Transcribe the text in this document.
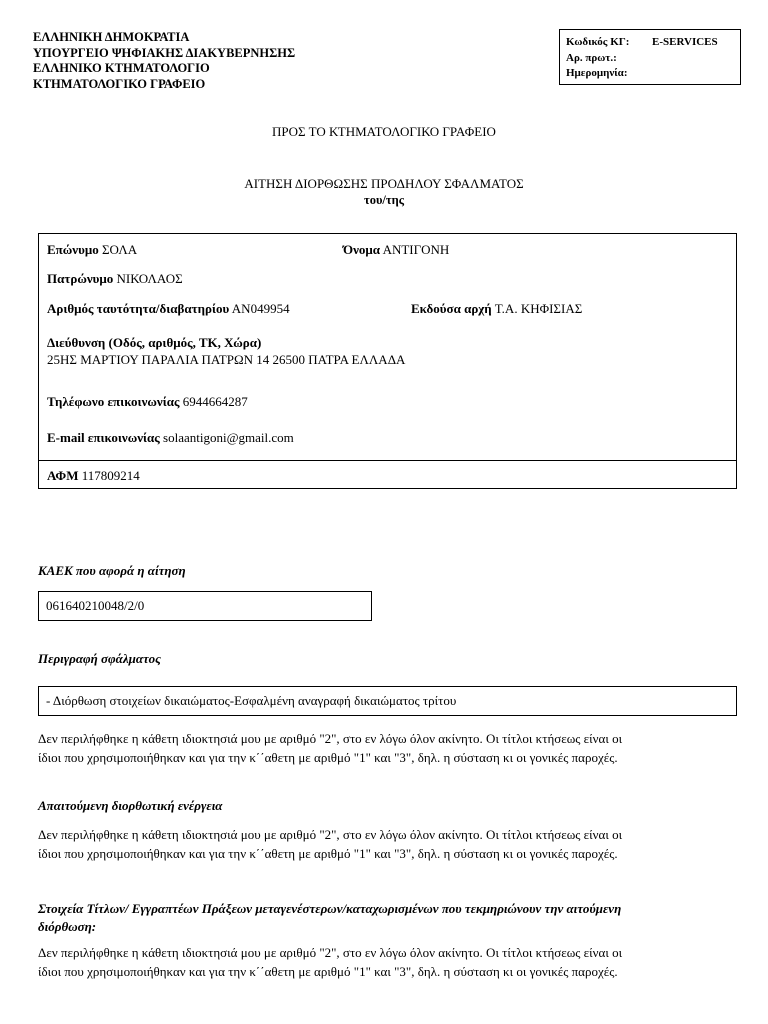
ΕΛΛΗΝΙΚΗ ΔΗΜΟΚΡΑΤΙΑ
ΥΠΟΥΡΓΕΙΟ ΨΗΦΙΑΚΗΣ ΔΙΑΚΥΒΕΡΝΗΣΗΣ
ΕΛΛΗΝΙΚΟ ΚΤΗΜΑΤΟΛΟΓΙΟ
ΚΤΗΜΑΤΟΛΟΓΙΚΟ ΓΡΑΦΕΙΟ
Κωδικός ΚΓ: E-SERVICES
Αρ. πρωτ.:
Ημερομηνία:
ΠΡΟΣ ΤΟ ΚΤΗΜΑΤΟΛΟΓΙΚΟ ΓΡΑΦΕΙΟ
ΑΙΤΗΣΗ ΔΙΟΡΘΩΣΗΣ ΠΡΟΔΗΛΟΥ ΣΦΑΛΜΑΤΟΣ
του/της
Επώνυμο ΣΟΛΑ	Όνομα ΑΝΤΙΓΟΝΗ
Πατρώνυμο ΝΙΚΟΛΑΟΣ
Αριθμός ταυτότητα/διαβατηρίου ΑΝ049954	Εκδούσα αρχή Τ.Α. ΚΗΦΙΣΙΑΣ
Διεύθυνση (Οδός, αριθμός, ΤΚ, Χώρα)
25ΗΣ ΜΑΡΤΙΟΥ ΠΑΡΑΛΙΑ ΠΑΤΡΩΝ 14 26500 ΠΑΤΡΑ ΕΛΛΑΔΑ
Τηλέφωνο επικοινωνίας 6944664287
E-mail επικοινωνίας solaantigoni@gmail.com
ΑΦΜ 117809214
ΚΑΕΚ που αφορά η αίτηση
061640210048/2/0
Περιγραφή σφάλματος
- Διόρθωση στοιχείων δικαιώματος-Εσφαλμένη αναγραφή δικαιώματος τρίτου
Δεν περιλήφθηκε η κάθετη ιδιοκτησιά μου με αριθμό "2", στο εν λόγω όλον ακίνητο. Οι τίτλοι κτήσεως είναι οι
ίδιοι που χρησιμοποιήθηκαν και για την κ΄΄αθετη με αριθμό "1" και "3", δηλ. η σύσταση κι οι γονικές παροχές.
Απαιτούμενη διορθωτική ενέργεια
Δεν περιλήφθηκε η κάθετη ιδιοκτησιά μου με αριθμό "2", στο εν λόγω όλον ακίνητο. Οι τίτλοι κτήσεως είναι οι
ίδιοι που χρησιμοποιήθηκαν και για την κ΄΄αθετη με αριθμό "1" και "3", δηλ. η σύσταση κι οι γονικές παροχές.
Στοιχεία Τίτλων/ Εγγραπτέων Πράξεων μεταγενέστερων/καταχωρισμένων που τεκμηριώνουν την αιτούμενη
διόρθωση:
Δεν περιλήφθηκε η κάθετη ιδιοκτησιά μου με αριθμό "2", στο εν λόγω όλον ακίνητο. Οι τίτλοι κτήσεως είναι οι
ίδιοι που χρησιμοποιήθηκαν και για την κ΄΄αθετη με αριθμό "1" και "3", δηλ. η σύσταση κι οι γονικές παροχές.
